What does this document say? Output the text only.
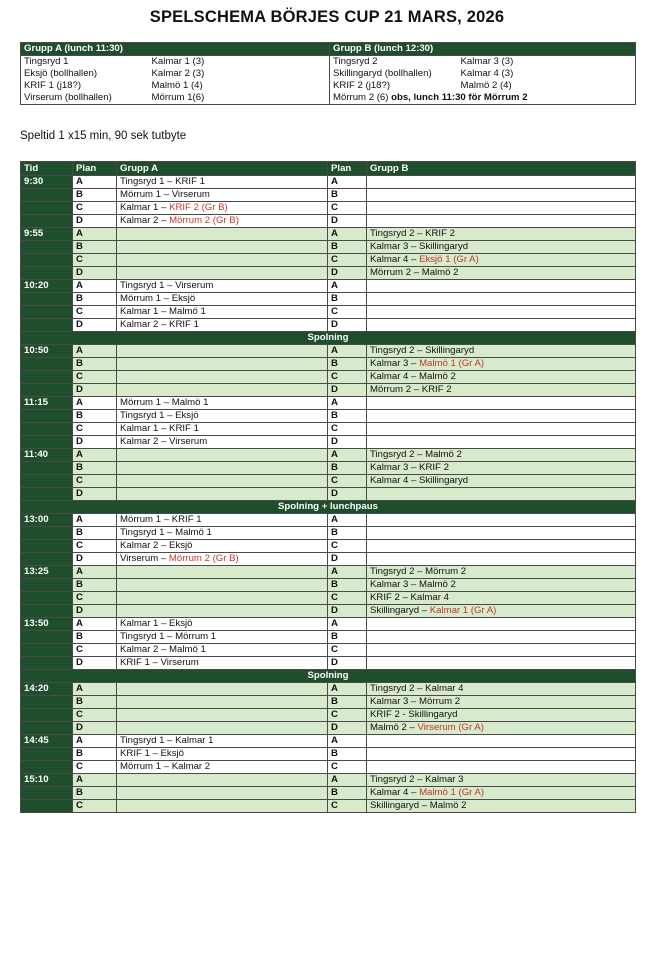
SPELSCHEMA BÖRJES CUP 21 MARS, 2026
Grupp A (lunch 11:30)		Grupp B (lunch 12:30)	
Tingsryd 1	Kalmar 1 (3)	Tingsryd 2	Kalmar 3 (3)
Eksjö (bollhallen)	Kalmar 2 (3)	Skillingaryd (bollhallen)	Kalmar 4 (3)
KRIF 1 (j18?)	Malmö 1 (4)	KRIF 2 (j18?)	Malmö 2 (4)
Virserum (bollhallen)	Mörrum 1(6)	Mörrum 2 (6) obs, lunch 11:30 för Mörrum 2	
Speltid 1 x15 min, 90 sek tutbyte
Tid	Plan	Grupp A	Plan	Grupp B
9:30	A	Tingsryd 1 – KRIF 1	A	
	B	Mörrum 1 – Virserum	B	
	C	Kalmar 1 – KRIF 2 (Gr B)	C	
	D	Kalmar 2 – Mörrum 2 (Gr B)	D	
9:55	A		A	Tingsryd 2 – KRIF 2
	B		B	Kalmar 3 – Skillingaryd
	C		C	Kalmar 4 – Eksjö 1 (Gr A)
	D		D	Mörrum 2 – Malmö 2
10:20	A	Tingsryd 1 – Virserum	A	
	B	Mörrum 1 – Eksjö	B	
	C	Kalmar 1 – Malmö 1	C	
	D	Kalmar 2 – KRIF 1	D	
Spolning				
10:50	A		A	Tingsryd 2 – Skillingaryd
	B		B	Kalmar 3 – Malmö 1 (Gr A)
	C		C	Kalmar 4 – Malmö 2
	D		D	Mörrum 2 – KRIF 2
11:15	A	Mörrum 1 – Malmö 1	A	
	B	Tingsryd 1 – Eksjö	B	
	C	Kalmar 1 – KRIF 1	C	
	D	Kalmar 2 – Virserum	D	
11:40	A		A	Tingsryd 2 – Malmö 2
	B		B	Kalmar 3 – KRIF 2
	C		C	Kalmar 4 – Skillingaryd
	D		D	
Spolning + lunchpaus				
13:00	A	Mörrum 1 – KRIF 1	A	
	B	Tingsryd 1 – Malmö 1	B	
	C	Kalmar 2 – Eksjö	C	
	D	Virserum – Mörrum 2 (Gr B)	D	
13:25	A		A	Tingsryd 2 – Mörrum 2
	B		B	Kalmar 3 – Malmö 2
	C		C	KRIF 2 – Kalmar 4
	D		D	Skillingaryd – Kalmar 1 (Gr A)
13:50	A	Kalmar 1 – Eksjö	A	
	B	Tingsryd 1 – Mörrum 1	B	
	C	Kalmar 2 – Malmö 1	C	
	D	KRIF 1 – Virserum	D	
Spolning				
14:20	A		A	Tingsryd 2 – Kalmar 4
	B		B	Kalmar 3 – Mörrum 2
	C		C	KRIF 2 - Skillingaryd
	D		D	Malmö 2 – Virserum (Gr A)
14:45	A	Tingsryd 1 – Kalmar 1	A	
	B	KRIF 1 – Eksjö	B	
	C	Mörrum 1 – Kalmar 2	C	
15:10	A		A	Tingsryd 2 – Kalmar 3
	B		B	Kalmar 4 – Malmö 1 (Gr A)
	C		C	Skillingaryd – Malmö 2
